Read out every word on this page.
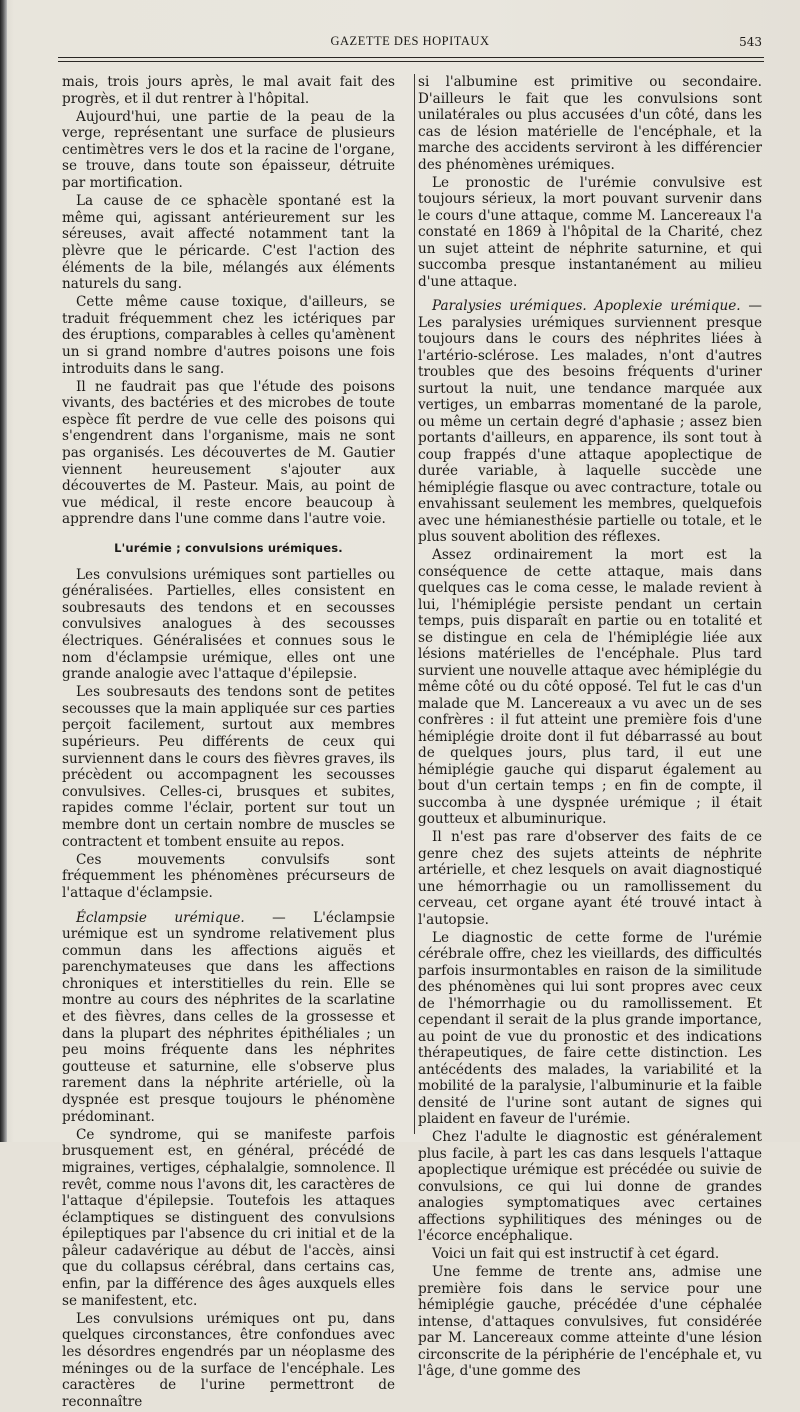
GAZETTE DES HOPITAUX	543

mais, trois jours après, le mal avait fait des progrès, et il dut rentrer à l'hôpital.

Aujourd'hui, une partie de la peau de la verge, représentant une surface de plusieurs centimètres vers le dos et la racine de l'organe, se trouve, dans toute son épaisseur, détruite par mortification.

La cause de ce sphacèle spontané est la même qui, agissant antérieurement sur les séreuses, avait affecté notamment tant la plèvre que le péricarde. C'est l'action des éléments de la bile, mélangés aux éléments naturels du sang.

Cette même cause toxique, d'ailleurs, se traduit fréquemment chez les ictériques par des éruptions, comparables à celles qu'amènent un si grand nombre d'autres poisons une fois introduits dans le sang.

Il ne faudrait pas que l'étude des poisons vivants, des bactéries et des microbes de toute espèce fît perdre de vue celle des poisons qui s'engendrent dans l'organisme, mais ne sont pas organisés. Les découvertes de M. Gautier viennent heureusement s'ajouter aux découvertes de M. Pasteur. Mais, au point de vue médical, il reste encore beaucoup à apprendre dans l'une comme dans l'autre voie.

L'urémie ; convulsions urémiques.

Les convulsions urémiques sont partielles ou généralisées. Partielles, elles consistent en soubresauts des tendons et en secousses convulsives analogues à des secousses électriques. Généralisées et connues sous le nom d'éclampsie urémique, elles ont une grande analogie avec l'attaque d'épilepsie.

Les soubresauts des tendons sont de petites secousses que la main appliquée sur ces parties perçoit facilement, surtout aux membres supérieurs. Peu différents de ceux qui surviennent dans le cours des fièvres graves, ils précèdent ou accompagnent les secousses convulsives. Celles-ci, brusques et subites, rapides comme l'éclair, portent sur tout un membre dont un certain nombre de muscles se contractent et tombent ensuite au repos.

Ces mouvements convulsifs sont fréquemment les phénomènes précurseurs de l'attaque d'éclampsie.

Éclampsie urémique. — L'éclampsie urémique est un syndrome relativement plus commun dans les affections aiguës et parenchymateuses que dans les affections chroniques et interstitielles du rein. Elle se montre au cours des néphrites de la scarlatine et des fièvres, dans celles de la grossesse et dans la plupart des néphrites épithéliales ; un peu moins fréquente dans les néphrites goutteuse et saturnine, elle s'observe plus rarement dans la néphrite artérielle, où la dyspnée est presque toujours le phénomène prédominant.

Ce syndrome, qui se manifeste parfois brusquement est, en général, précédé de migraines, vertiges, céphalalgie, somnolence. Il revêt, comme nous l'avons dit, les caractères de l'attaque d'épilepsie. Toutefois les attaques éclamptiques se distinguent des convulsions épileptiques par l'absence du cri initial et de la pâleur cadavérique au début de l'accès, ainsi que du collapsus cérébral, dans certains cas, enfin, par la différence des âges auxquels elles se manifestent, etc.

Les convulsions urémiques ont pu, dans quelques circonstances, être confondues avec les désordres engendrés par un néoplasme des méninges ou de la surface de l'encéphale. Les caractères de l'urine permettront de reconnaître

si l'albumine est primitive ou secondaire. D'ailleurs le fait que les convulsions sont unilatérales ou plus accusées d'un côté, dans les cas de lésion matérielle de l'encéphale, et la marche des accidents serviront à les différencier des phénomènes urémiques.

Le pronostic de l'urémie convulsive est toujours sérieux, la mort pouvant survenir dans le cours d'une attaque, comme M. Lancereaux l'a constaté en 1869 à l'hôpital de la Charité, chez un sujet atteint de néphrite saturnine, et qui succomba presque instantanément au milieu d'une attaque.

Paralysies urémiques. Apoplexie urémique. — Les paralysies urémiques surviennent presque toujours dans le cours des néphrites liées à l'artério-sclérose. Les malades, n'ont d'autres troubles que des besoins fréquents d'uriner surtout la nuit, une tendance marquée aux vertiges, un embarras momentané de la parole, ou même un certain degré d'aphasie ; assez bien portants d'ailleurs, en apparence, ils sont tout à coup frappés d'une attaque apoplectique de durée variable, à laquelle succède une hémiplégie flasque ou avec contracture, totale ou envahissant seulement les membres, quelquefois avec une hémianesthésie partielle ou totale, et le plus souvent abolition des réflexes.

Assez ordinairement la mort est la conséquence de cette attaque, mais dans quelques cas le coma cesse, le malade revient à lui, l'hémiplégie persiste pendant un certain temps, puis disparaît en partie ou en totalité et se distingue en cela de l'hémiplégie liée aux lésions matérielles de l'encéphale. Plus tard survient une nouvelle attaque avec hémiplégie du même côté ou du côté opposé. Tel fut le cas d'un malade que M. Lancereaux a vu avec un de ses confrères : il fut atteint une première fois d'une hémiplégie droite dont il fut débarrassé au bout de quelques jours, plus tard, il eut une hémiplégie gauche qui disparut également au bout d'un certain temps ; en fin de compte, il succomba à une dyspnée urémique ; il était goutteux et albuminurique.

Il n'est pas rare d'observer des faits de ce genre chez des sujets atteints de néphrite artérielle, et chez lesquels on avait diagnostiqué une hémorrhagie ou un ramollissement du cerveau, cet organe ayant été trouvé intact à l'autopsie.

Le diagnostic de cette forme de l'urémie cérébrale offre, chez les vieillards, des difficultés parfois insurmontables en raison de la similitude des phénomènes qui lui sont propres avec ceux de l'hémorrhagie ou du ramollissement. Et cependant il serait de la plus grande importance, au point de vue du pronostic et des indications thérapeutiques, de faire cette distinction. Les antécédents des malades, la variabilité et la mobilité de la paralysie, l'albuminurie et la faible densité de l'urine sont autant de signes qui plaident en faveur de l'urémie.

Chez l'adulte le diagnostic est généralement plus facile, à part les cas dans lesquels l'attaque apoplectique urémique est précédée ou suivie de convulsions, ce qui lui donne de grandes analogies symptomatiques avec certaines affections syphilitiques des méninges ou de l'écorce encéphalique.

Voici un fait qui est instructif à cet égard.

Une femme de trente ans, admise une première fois dans le service pour une hémiplégie gauche, précédée d'une céphalée intense, d'attaques convulsives, fut considérée par M. Lancereaux comme atteinte d'une lésion circonscrite de la périphérie de l'encéphale et, vu l'âge, d'une gomme des
